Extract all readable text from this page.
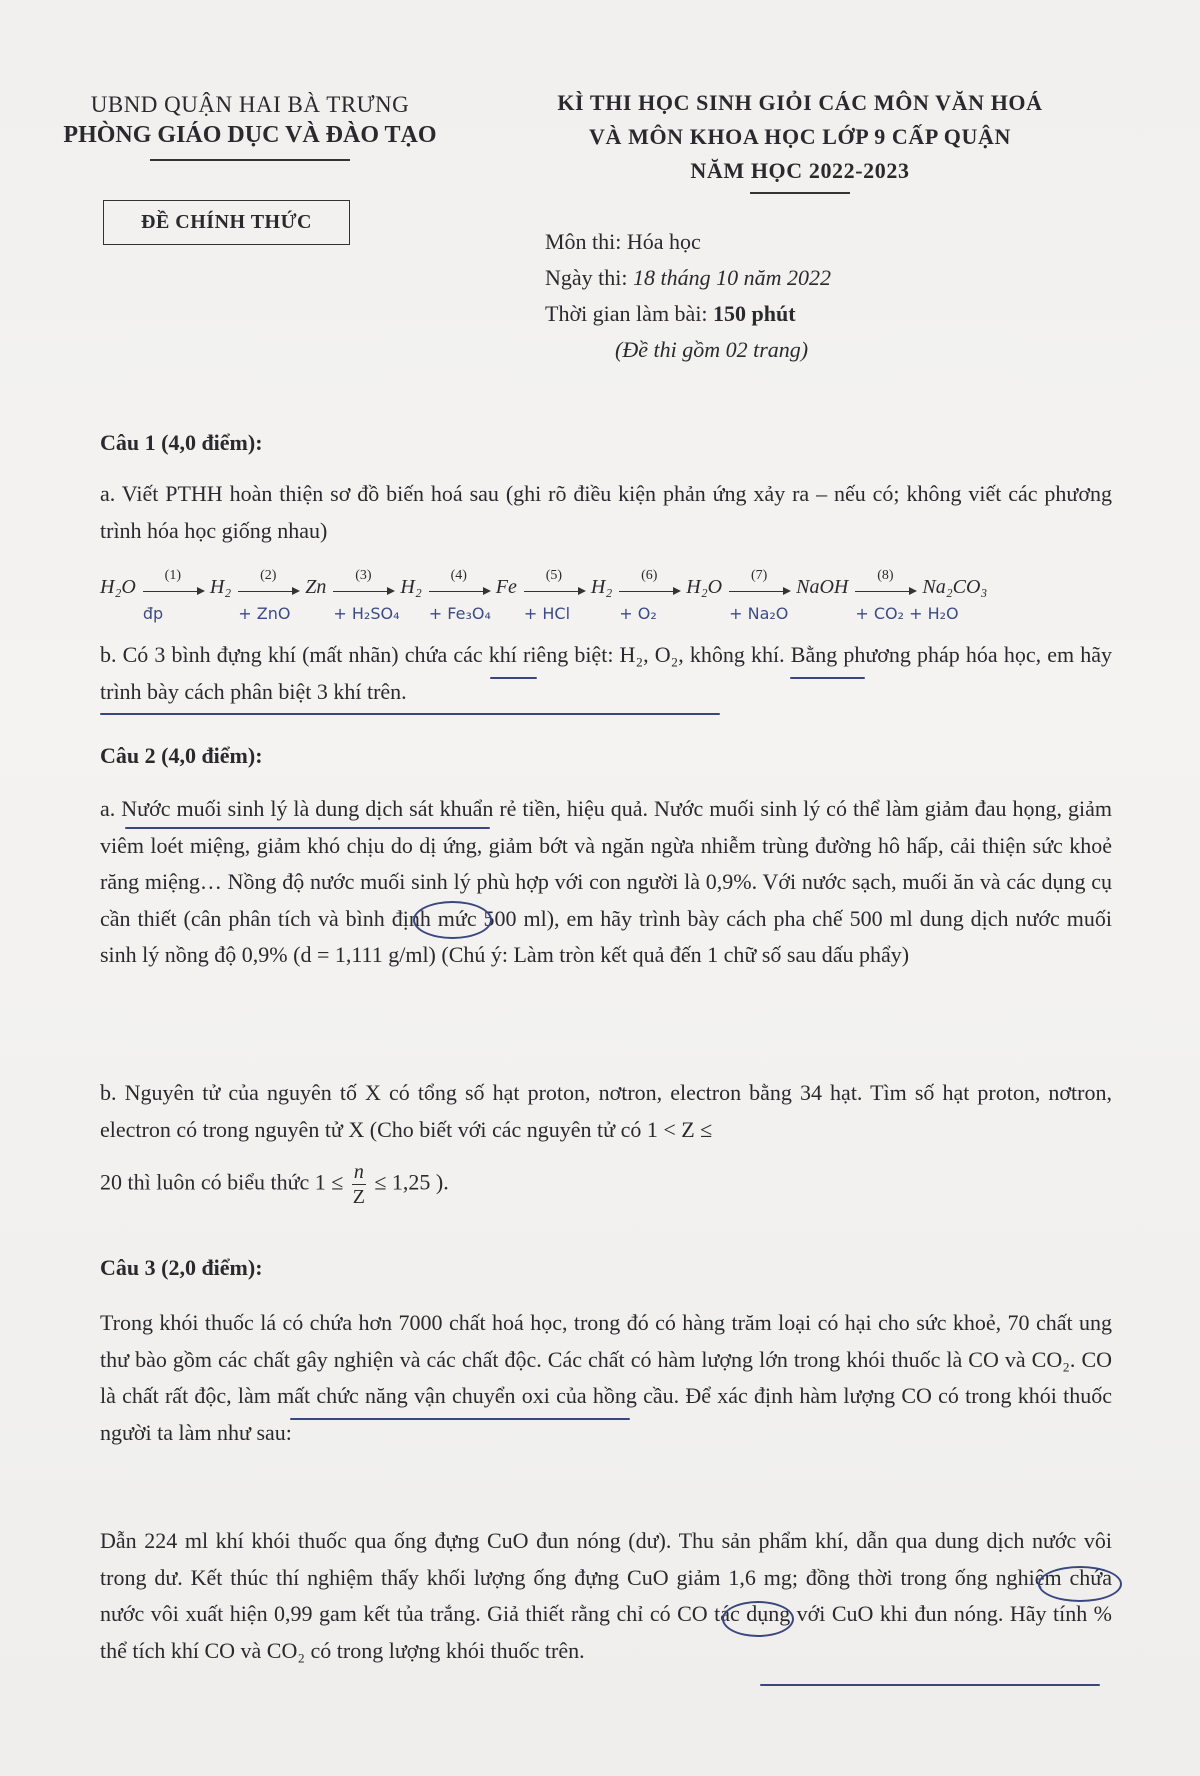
UBND QUẬN HAI BÀ TRƯNG
PHÒNG GIÁO DỤC VÀ ĐÀO TẠO
ĐỀ CHÍNH THỨC
KÌ THI HỌC SINH GIỎI CÁC MÔN VĂN HOÁ
VÀ MÔN KHOA HỌC LỚP 9 CẤP QUẬN
NĂM HỌC 2022-2023
Môn thi: Hóa học
Ngày thi: 18 tháng 10 năm 2022
Thời gian làm bài: 150 phút
(Đề thi gồm 02 trang)
Câu 1 (4,0 điểm):
a. Viết PTHH hoàn thiện sơ đồ biến hoá sau (ghi rõ điều kiện phản ứng xảy ra – nếu có; không viết các phương trình hóa học giống nhau)
$H_2O \frac{(1)}{đp} H_2$
(2)
+ ZnO
Zn $\frac{(3)}{\text{+ H₂SO₄}} H_2 \frac{(4)}{\text{+ Fe₃O₄}}$ Fe
(5)
+ HCl
$H_2 \frac{(6)}{\text{+ O₂}} H_2O \frac{(7)}{\text{+ Na₂O}}$ NaOH $\frac{(8)}{\text{+ CO₂ + H₂O}} Na_2CO_3$
b. Có 3 bình đựng khí (mất nhãn) chứa các khí riêng biệt: H₂, O₂, không khí. Bằng phương pháp hóa học, em hãy trình bày cách phân biệt 3 khí trên.
Câu 2 (4,0 điểm):
a. Nước muối sinh lý là dung dịch sát khuẩn rẻ tiền, hiệu quả. Nước muối sinh lý có thể làm giảm đau họng, giảm viêm loét miệng, giảm khó chịu do dị ứng, giảm bớt và ngăn ngừa nhiễm trùng đường hô hấp, cải thiện sức khoẻ răng miệng… Nồng độ nước muối sinh lý phù hợp với con người là 0,9%. Với nước sạch, muối ăn và các dụng cụ cần thiết (cân phân tích và bình định mức 500 ml), em hãy trình bày cách pha chế 500 ml dung dịch nước muối sinh lý nồng độ 0,9% (d = 1,111 g/ml) (Chú ý: Làm tròn kết quả đến 1 chữ số sau dấu phẩy)
b. Nguyên tử của nguyên tố X có tổng số hạt proton, nơtron, electron bằng 34 hạt. Tìm số hạt proton, nơtron, electron có trong nguyên tử X (Cho biết với các nguyên tử có 1 < Z ≤
20 thì luôn có biểu thức $1 \le \frac{n}{Z} \le 1,25$ ).
Câu 3 (2,0 điểm):
Trong khói thuốc lá có chứa hơn 7000 chất hoá học, trong đó có hàng trăm loại có hại cho sức khoẻ, 70 chất ung thư bào gồm các chất gây nghiện và các chất độc. Các chất có hàm lượng lớn trong khói thuốc là CO và CO₂. CO là chất rất độc, làm mất chức năng vận chuyển oxi của hồng cầu. Để xác định hàm lượng CO có trong khói thuốc người ta làm như sau:
Dẫn 224 ml khí khói thuốc qua ống đựng CuO đun nóng (dư). Thu sản phẩm khí, dẫn qua dung dịch nước vôi trong dư. Kết thúc thí nghiệm thấy khối lượng ống đựng CuO giảm 1,6 mg; đồng thời trong ống nghiệm chứa nước vôi xuất hiện 0,99 gam kết tủa trắng. Giả thiết rằng chỉ có CO tác dụng với CuO khi đun nóng. Hãy tính % thể tích khí CO và CO₂ có trong lượng khói thuốc trên.
